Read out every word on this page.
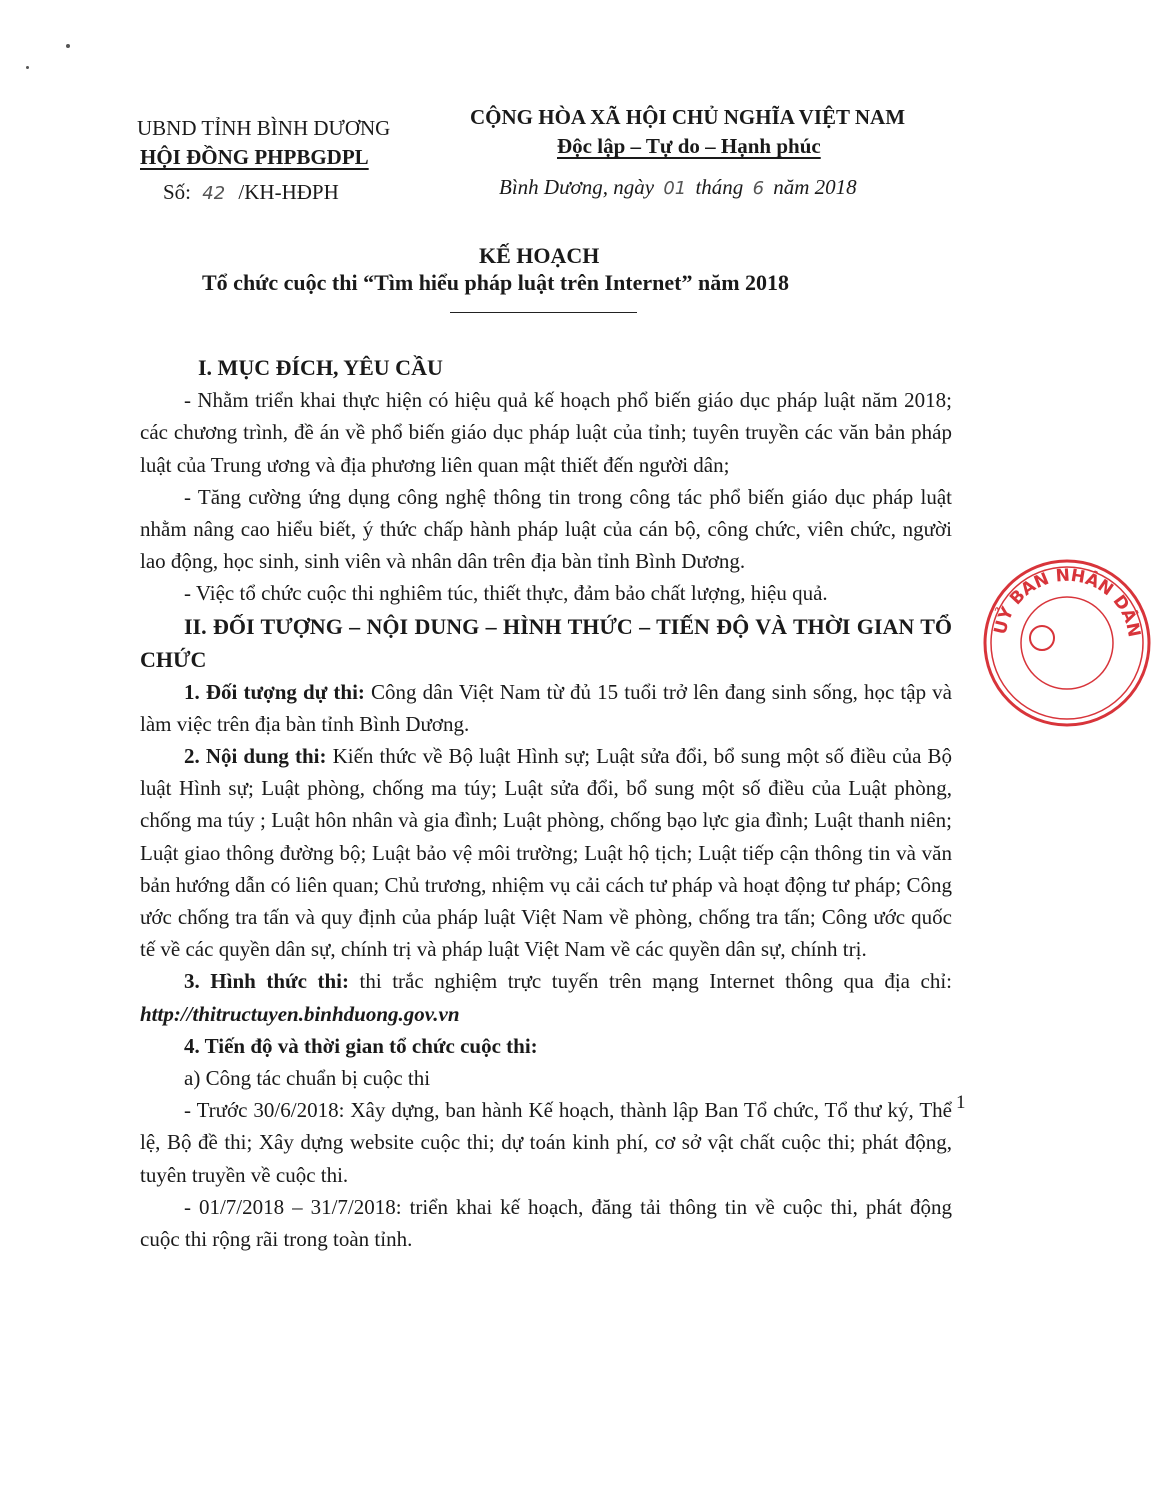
UBND TỈNH BÌNH DƯƠNG
HỘI ĐỒNG PHPBGDPL
Số: 42 /KH-HĐPH
CỘNG HÒA XÃ HỘI CHỦ NGHĨA VIỆT NAM
Độc lập – Tự do – Hạnh phúc
Bình Dương, ngày 01 tháng 6 năm 2018
KẾ HOẠCH
Tổ chức cuộc thi “Tìm hiểu pháp luật trên Internet” năm 2018

I. MỤC ĐÍCH, YÊU CẦU

- Nhằm triển khai thực hiện có hiệu quả kế hoạch phổ biến giáo dục pháp luật năm 2018; các chương trình, đề án về phổ biến giáo dục pháp luật của tỉnh; tuyên truyền các văn bản pháp luật của Trung ương và địa phương liên quan mật thiết đến người dân;

- Tăng cường ứng dụng công nghệ thông tin trong công tác phổ biến giáo dục pháp luật nhằm nâng cao hiểu biết, ý thức chấp hành pháp luật của cán bộ, công chức, viên chức, người lao động, học sinh, sinh viên và nhân dân trên địa bàn tỉnh Bình Dương.

- Việc tổ chức cuộc thi nghiêm túc, thiết thực, đảm bảo chất lượng, hiệu quả.

II. ĐỐI TƯỢNG – NỘI DUNG – HÌNH THỨC – TIẾN ĐỘ VÀ THỜI GIAN TỔ CHỨC

1. Đối tượng dự thi: Công dân Việt Nam từ đủ 15 tuổi trở lên đang sinh sống, học tập và làm việc trên địa bàn tỉnh Bình Dương.

2. Nội dung thi: Kiến thức về Bộ luật Hình sự; Luật sửa đổi, bổ sung một số điều của Bộ luật Hình sự; Luật phòng, chống ma túy; Luật sửa đổi, bổ sung một số điều của Luật phòng, chống ma túy ; Luật hôn nhân và gia đình; Luật phòng, chống bạo lực gia đình; Luật thanh niên; Luật giao thông đường bộ; Luật bảo vệ môi trường; Luật hộ tịch; Luật tiếp cận thông tin và văn bản hướng dẫn có liên quan; Chủ trương, nhiệm vụ cải cách tư pháp và hoạt động tư pháp; Công ước chống tra tấn và quy định của pháp luật Việt Nam về phòng, chống tra tấn; Công ước quốc tế về các quyền dân sự, chính trị và pháp luật Việt Nam về các quyền dân sự, chính trị.

3. Hình thức thi: thi trắc nghiệm trực tuyến trên mạng Internet thông qua địa chỉ: http://thitructuyen.binhduong.gov.vn

4. Tiến độ và thời gian tổ chức cuộc thi:

a) Công tác chuẩn bị cuộc thi

- Trước 30/6/2018: Xây dựng, ban hành Kế hoạch, thành lập Ban Tổ chức, Tổ thư ký, Thể lệ, Bộ đề thi; Xây dựng website cuộc thi; dự toán kinh phí, cơ sở vật chất cuộc thi; phát động, tuyên truyền về cuộc thi.

- 01/7/2018 – 31/7/2018: triển khai kế hoạch, đăng tải thông tin về cuộc thi, phát động cuộc thi rộng rãi trong toàn tỉnh.

UỶ BAN NHÂN DÂN
1
